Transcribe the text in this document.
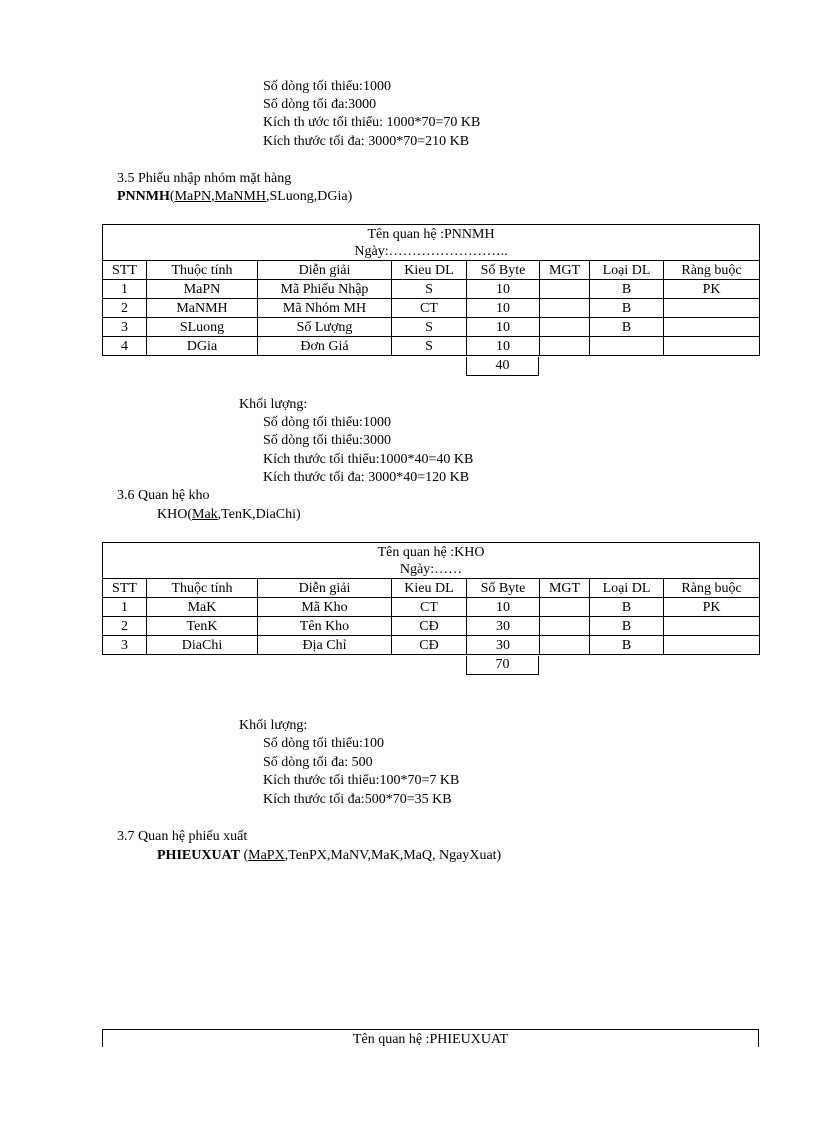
Số dòng tối thiểu:1000
Số dòng tối đa:3000
Kích th ước tối thiểu: 1000*70=70 KB
Kích thước tối đa: 3000*70=210 KB
3.5 Phiếu nhập nhóm mặt hàng
PNNMH(MaPN,MaNMH,SLuong,DGia)
Tên quan hệ :PNNMH							
Ngày:……………………..							
STT	Thuộc tính	Diễn giải	Kieu DL	Số Byte	MGT	Loại DL	Ràng buộc
1	MaPN	Mã Phiếu Nhập	S	10		B	PK
2	MaNMH	Mã Nhóm MH	CT	10		B	
3	SLuong	Số Lượng	S	10		B	
4	DGia	Đơn Giá	S	10			
40
Khối lượng:
Số dòng tối thiểu:1000
Số dòng tối thiểu:3000
Kích thước tối thiểu:1000*40=40 KB
Kích thước tối đa: 3000*40=120 KB
3.6 Quan hệ kho
KHO(Mak,TenK,DiaChi)
Tên quan hệ :KHO							
Ngày:……							
STT	Thuộc tính	Diễn giải	Kieu DL	Số Byte	MGT	Loại DL	Ràng buộc
1	MaK	Mã Kho	CT	10		B	PK
2	TenK	Tên Kho	CĐ	30		B	
3	DiaChi	Địa Chỉ	CĐ	30		B	
70
Khối lượng:
Số dòng tối thiểu:100
Số dòng tối đa: 500
Kích thước tối thiểu:100*70=7 KB
Kích thước tối đa:500*70=35 KB
3.7 Quan hệ phiếu xuất
PHIEUXUAT (MaPX,TenPX,MaNV,MaK,MaQ, NgayXuat)
Tên quan hệ :PHIEUXUAT
